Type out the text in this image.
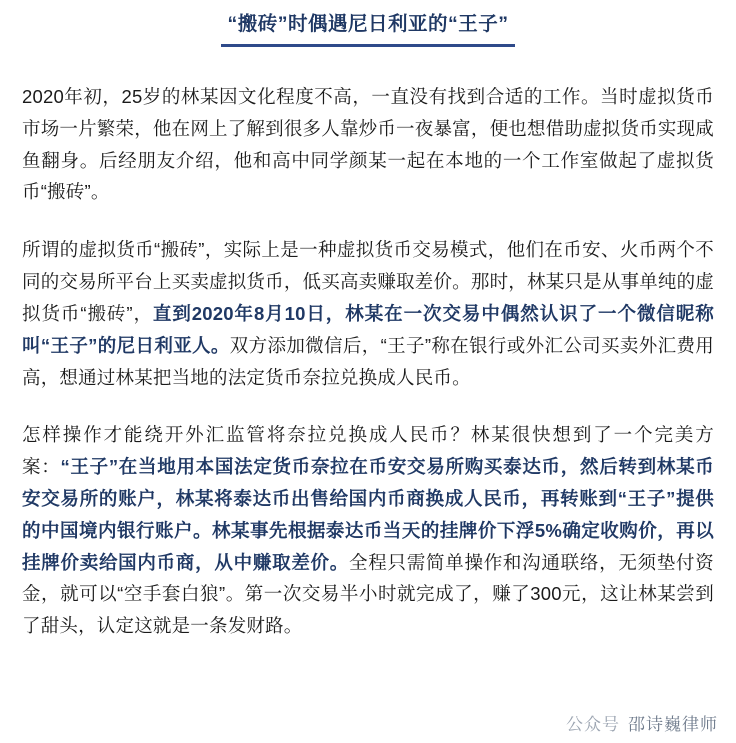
“搬砖”时偶遇尼日利亚的“王子”

2020年初，25岁的林某因文化程度不高，一直没有找到合适的工作。当时虚拟货币市场一片繁荣，他在网上了解到很多人靠炒币一夜暴富，便也想借助虚拟货币实现咸鱼翻身。后经朋友介绍，他和高中同学颜某一起在本地的一个工作室做起了虚拟货币“搬砖”。

所谓的虚拟货币“搬砖”，实际上是一种虚拟货币交易模式，他们在币安、火币两个不同的交易所平台上买卖虚拟货币，低买高卖赚取差价。那时，林某只是从事单纯的虚拟货币“搬砖”，直到2020年8月10日，林某在一次交易中偶然认识了一个微信昵称叫“王子”的尼日利亚人。双方添加微信后，“王子”称在银行或外汇公司买卖外汇费用高，想通过林某把当地的法定货币奈拉兑换成人民币。

怎样操作才能绕开外汇监管将奈拉兑换成人民币？林某很快想到了一个完美方案：“王子”在当地用本国法定货币奈拉在币安交易所购买泰达币，然后转到林某币安交易所的账户，林某将泰达币出售给国内币商换成人民币，再转账到“王子”提供的中国境内银行账户。林某事先根据泰达币当天的挂牌价下浮5%确定收购价，再以挂牌价卖给国内币商，从中赚取差价。全程只需简单操作和沟通联络，无须垫付资金，就可以“空手套白狼”。第一次交易半小时就完成了，赚了300元，这让林某尝到了甜头，认定这就是一条发财路。

公众号 邵诗巍律师
